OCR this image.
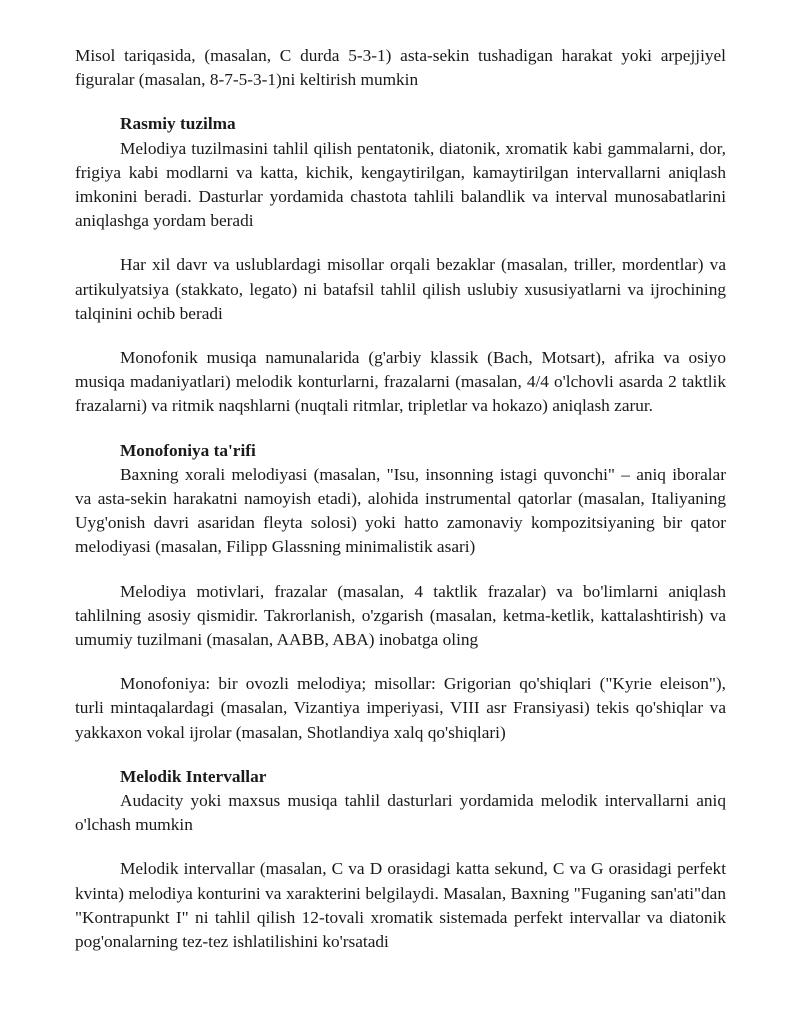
Misol tariqasida, (masalan, C durda 5-3-1) asta-sekin tushadigan harakat yoki arpejjiyel figuralar (masalan, 8-7-5-3-1)ni keltirish mumkin

Rasmiy tuzilma

Melodiya tuzilmasini tahlil qilish pentatonik, diatonik, xromatik kabi gammalarni, dor, frigiya kabi modlarni va katta, kichik, kengaytirilgan, kamaytirilgan intervallarni aniqlash imkonini beradi. Dasturlar yordamida chastota tahlili balandlik va interval munosabatlarini aniqlashga yordam beradi

Har xil davr va uslublardagi misollar orqali bezaklar (masalan, triller, mordentlar) va artikulyatsiya (stakkato, legato) ni batafsil tahlil qilish uslubiy xususiyatlarni va ijrochining talqinini ochib beradi

Monofonik musiqa namunalarida (g'arbiy klassik (Bach, Motsart), afrika va osiyo musiqa madaniyatlari) melodik konturlarni, frazalarni (masalan, 4/4 o'lchovli asarda 2 taktlik frazalarni) va ritmik naqshlarni (nuqtali ritmlar, tripletlar va hokazo) aniqlash zarur.

Monofoniya ta'rifi

Baxning xorali melodiyasi (masalan, "Isu, insonning istagi quvonchi" – aniq iboralar va asta-sekin harakatni namoyish etadi), alohida instrumental qatorlar (masalan, Italiyaning Uyg'onish davri asaridan fleyta solosi) yoki hatto zamonaviy kompozitsiyaning bir qator melodiyasi (masalan, Filipp Glassning minimalistik asari)

Melodiya motivlari, frazalar (masalan, 4 taktlik frazalar) va bo'limlarni aniqlash tahlilning asosiy qismidir. Takrorlanish, o'zgarish (masalan, ketma-ketlik, kattalashtirish) va umumiy tuzilmani (masalan, AABB, ABA) inobatga oling

Monofoniya: bir ovozli melodiya; misollar: Grigorian qo'shiqlari ("Kyrie eleison"), turli mintaqalardagi (masalan, Vizantiya imperiyasi, VIII asr Fransiyasi) tekis qo'shiqlar va yakkaxon vokal ijrolar (masalan, Shotlandiya xalq qo'shiqlari)

Melodik Intervallar

Audacity yoki maxsus musiqa tahlil dasturlari yordamida melodik intervallarni aniq o'lchash mumkin

Melodik intervallar (masalan, C va D orasidagi katta sekund, C va G orasidagi perfekt kvinta) melodiya konturini va xarakterini belgilaydi. Masalan, Baxning "Fuganing san'ati"dan "Kontrapunkt I" ni tahlil qilish 12-tovali xromatik sistemada perfekt intervallar va diatonik pog'onalarning tez-tez ishlatilishini ko'rsatadi
